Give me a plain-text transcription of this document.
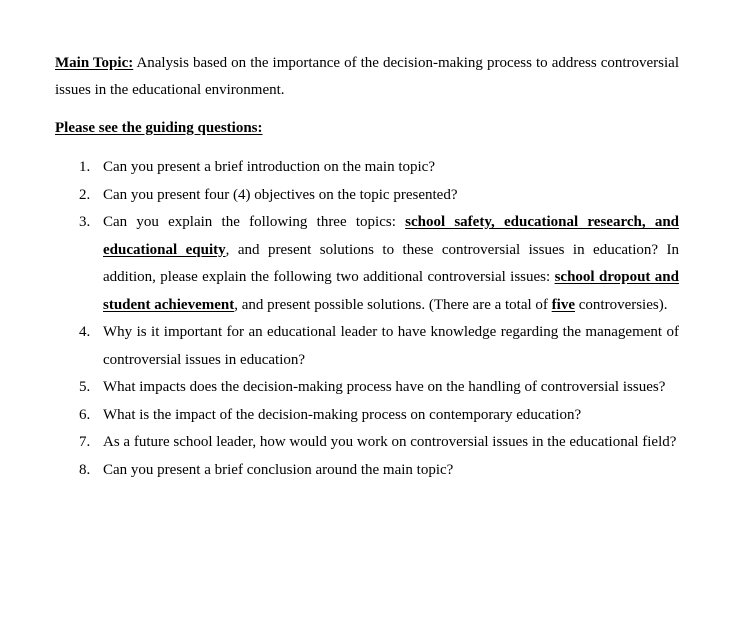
Main Topic: Analysis based on the importance of the decision-making process to address controversial issues in the educational environment.

Please see the guiding questions:

1. Can you present a brief introduction on the main topic?
2. Can you present four (4) objectives on the topic presented?
3. Can you explain the following three topics: school safety, educational research, and educational equity, and present solutions to these controversial issues in education? In addition, please explain the following two additional controversial issues: school dropout and student achievement, and present possible solutions. (There are a total of five controversies).
4. Why is it important for an educational leader to have knowledge regarding the management of controversial issues in education?
5. What impacts does the decision-making process have on the handling of controversial issues?
6. What is the impact of the decision-making process on contemporary education?
7. As a future school leader, how would you work on controversial issues in the educational field?
8. Can you present a brief conclusion around the main topic?
